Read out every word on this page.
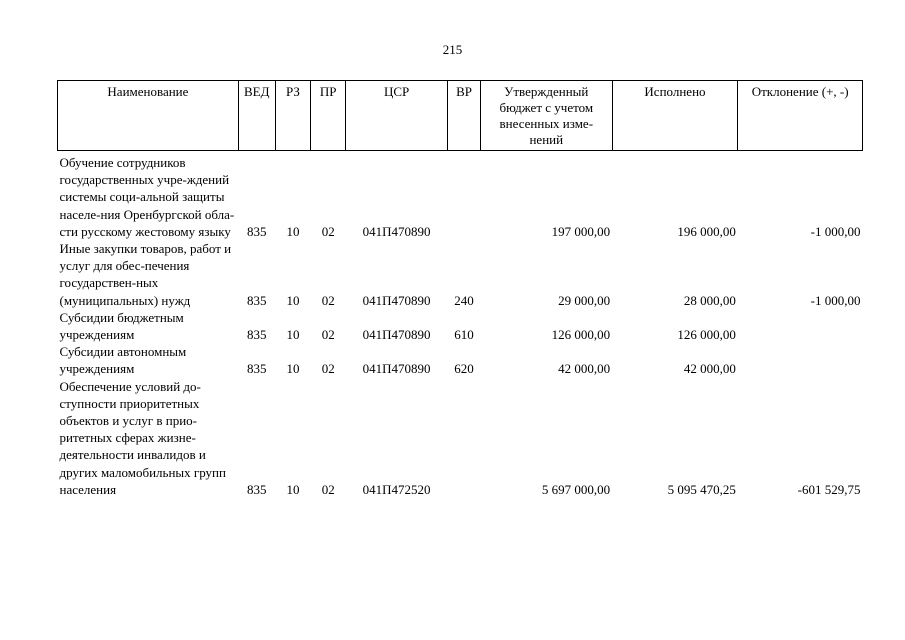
215
Наименование	ВЕД	РЗ	ПР	ЦСР	ВР	Утвержденный бюджет с учетом внесенных изме-нений	Исполнено	Отклонение (+, -)
Обучение сотрудников государственных учре-ждений системы соци-альной защиты населе-ния Оренбургской обла-сти русскому жестовому языку	835	10	02	041П470890		197 000,00	196 000,00	-1 000,00
Иные закупки товаров, работ и услуг для обес-печения государствен-ных (муниципальных) нужд	835	10	02	041П470890	240	29 000,00	28 000,00	-1 000,00
Субсидии бюджетным учреждениям	835	10	02	041П470890	610	126 000,00	126 000,00	
Субсидии автономным учреждениям	835	10	02	041П470890	620	42 000,00	42 000,00	
Обеспечение условий до-ступности приоритетных объектов и услуг в прио-ритетных сферах жизне-деятельности инвалидов и других маломобильных групп населения	835	10	02	041П472520		5 697 000,00	5 095 470,25	-601 529,75
